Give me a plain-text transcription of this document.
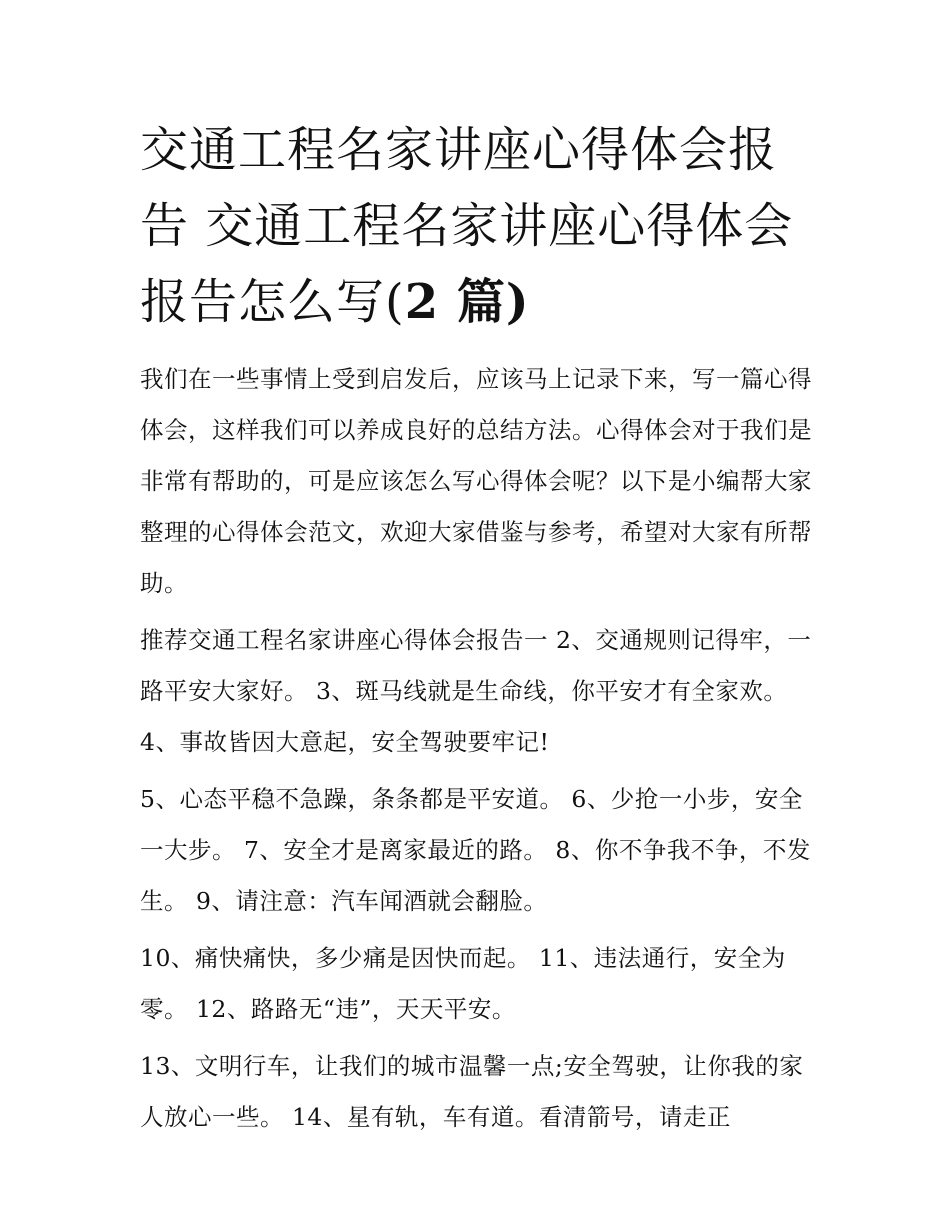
交通工程名家讲座心得体会报告 交通工程名家讲座心得体会报告怎么写(2 篇)

我们在一些事情上受到启发后，应该马上记录下来，写一篇心得体会，这样我们可以养成良好的总结方法。心得体会对于我们是非常有帮助的，可是应该怎么写心得体会呢？以下是小编帮大家整理的心得体会范文，欢迎大家借鉴与参考，希望对大家有所帮助。

推荐交通工程名家讲座心得体会报告一 2、交通规则记得牢，一路平安大家好。 3、斑马线就是生命线，你平安才有全家欢。 4、事故皆因大意起，安全驾驶要牢记!

5、心态平稳不急躁，条条都是平安道。 6、少抢一小步，安全一大步。 7、安全才是离家最近的路。 8、你不争我不争，不发生。 9、请注意：汽车闻酒就会翻脸。

10、痛快痛快，多少痛是因快而起。 11、违法通行，安全为零。 12、路路无“违”，天天平安。

13、文明行车，让我们的城市温馨一点;安全驾驶，让你我的家人放心一些。 14、星有轨，车有道。看清箭号，请走正
